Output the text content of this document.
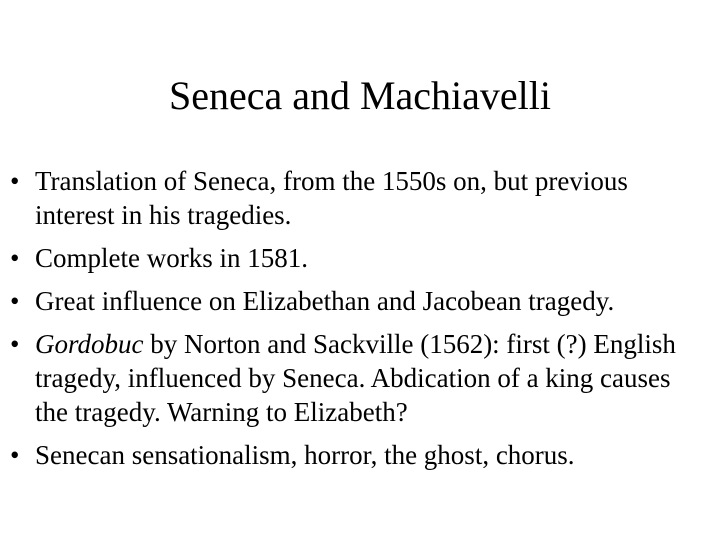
Seneca and Machiavelli
• Translation of Seneca, from the 1550s on, but previous interest in his tragedies.
• Complete works in 1581.
• Great influence on Elizabethan and Jacobean tragedy.
• Gordobuc by Norton and Sackville (1562): first (?) English tragedy, influenced by Seneca. Abdication of a king causes the tragedy. Warning to Elizabeth?
• Senecan sensationalism, horror, the ghost, chorus.
